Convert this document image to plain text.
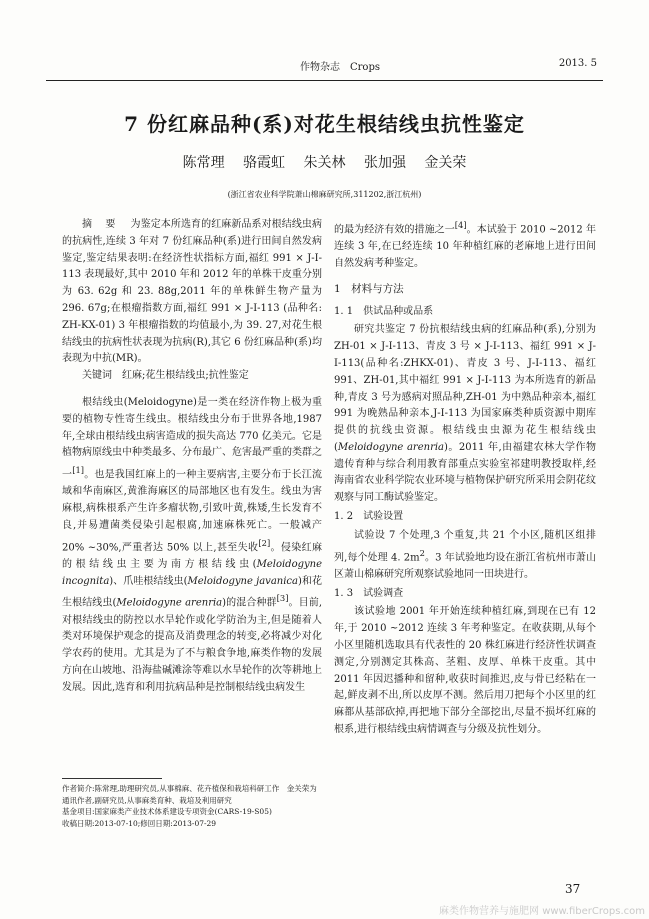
作物杂志　Crops	2013. 5
7 份红麻品种(系)对花生根结线虫抗性鉴定
陈常理 骆霞虹 朱关林 张加强 金关荣
(浙江省农业科学院萧山棉麻研究所,311202,浙江杭州)

摘 要　 为鉴定本所选育的红麻新品系对根结线虫病的抗病性,连续 3 年对 7 份红麻品种(系)进行田间自然发病鉴定,鉴定结果表明:在经济性状指标方面,福红 991 × J-I-113 表现最好,其中 2010 年和 2012 年的单株干皮重分别为 63. 62g 和 23. 88g,2011 年的单株鲜生物产量为 296. 67g;在根瘤指数方面,福红 991 × J-I-113 (品种名: ZH-KX-01) 3 年根瘤指数的均值最小,为 39. 27,对花生根结线虫的抗病性状表现为抗病(R),其它 6 份红麻品种(系)均表现为中抗(MR)。

关键词　 红麻;花生根结线虫;抗性鉴定

根结线虫(Meloidogyne)是一类在经济作物上极为重要的植物专性寄生线虫。根结线虫分布于世界各地,1987 年,全球由根结线虫病害造成的损失高达 770 亿美元。它是植物病原线虫中种类最多、分布最广、危害最严重的类群之一[1]。也是我国红麻上的一种主要病害,主要分布于长江流域和华南麻区,黄淮海麻区的局部地区也有发生。线虫为害麻根,病株根系产生许多瘤状物,引致叶黄,株矮,生长发育不良,并易遭菌类侵染引起根腐,加速麻株死亡。一般减产 20% ~30%,严重者达 50% 以上,甚至失收[2]。侵染红麻的根结线虫主要为南方根结线虫(Meloidogyne incognita)、爪哇根结线虫(Meloidogyne javanica)和花生根结线虫(Meloidogyne arenria)的混合种群[3]。目前,对根结线虫的防控以水旱轮作或化学防治为主,但是随着人类对环境保护观念的提高及消费理念的转变,必将减少对化学农药的使用。尤其是为了不与粮食争地,麻类作物的发展方向在山坡地、沿海盐碱滩涂等难以水旱轮作的次等耕地上发展。因此,选育和利用抗病品种是控制根结线虫病发生

的最为经济有效的措施之一[4]。本试验于 2010 ~2012 年连续 3 年,在已经连续 10 年种植红麻的老麻地上进行田间自然发病考种鉴定。

1　材料与方法

1. 1　供试品种或品系

研究共鉴定 7 份抗根结线虫病的红麻品种(系),分别为 ZH-01 × J-I-113、青皮 3 号 × J-I-113、福红 991 × J-I-113(品种名:ZHKX-01)、青皮 3 号、J-I-113、福红 991、ZH-01,其中福红 991 × J-I-113 为本所选育的新品种,青皮 3 号为感病对照品种,ZH-01 为中熟品种亲本,福红 991 为晚熟品种亲本,J-I-113 为国家麻类种质资源中期库提供的抗线虫资源。根结线虫虫源为花生根结线虫(Meloidogyne arenria)。2011 年,由福建农林大学作物遗传育种与综合利用教育部重点实验室祁建明教授取样,经海南省农业科学院农业环境与植物保护研究所采用会阴花纹观察与同工酶试验鉴定。

1. 2　试验设置

试验设 7 个处理,3 个重复,共 21 个小区,随机区组排列,每个处理 4. $2m^2$。3 年试验地均设在浙江省杭州市萧山区萧山棉麻研究所观察试验地同一田块进行。

1. 3　试验调查

该试验地 2001 年开始连续种植红麻,到现在已有 12 年,于 2010 ~2012 连续 3 年考种鉴定。在收获期,从每个小区里随机选取具有代表性的 20 株红麻进行经济性状调查测定,分别测定其株高、茎粗、皮厚、单株干皮重。其中 2011 年因迟播种和留种,收获时间推迟,皮与骨已经粘在一起,鲜皮剥不出,所以皮厚不测。然后用刀把每个小区里的红麻都从基部砍掉,再把地下部分全部挖出,尽量不损坏红麻的根系,进行根结线虫病情调查与分级及抗性划分。

作者简介:陈常理,助理研究员,从事棉麻、花卉植保和栽培科研工作　金关荣为通讯作者,副研究员,从事麻类育种、栽培及利用研究

基金项目:国家麻类产业技术体系建设专项资金(CARS-19-S05)

收稿日期:2013-07-10;修回日期:2013-07-29

37
麻类作物营养与施肥网 www.fiberCrops.com
